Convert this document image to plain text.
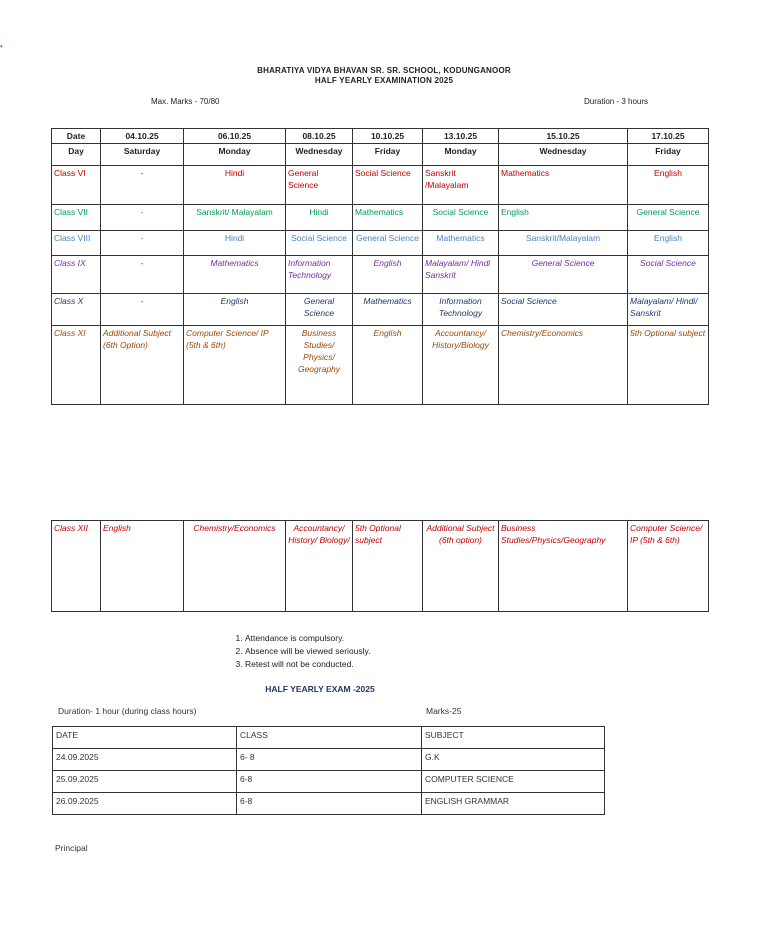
•
BHARATIYA VIDYA BHAVAN SR. SR. SCHOOL, KODUNGANOOR
HALF YEARLY EXAMINATION 2025
Max. Marks - 70/80	Duration - 3 hours
Date	04.10.25	06.10.25	08.10.25	10.10.25	13.10.25	15.10.25	17.10.25
Day	Saturday	Monday	Wednesday	Friday	Monday	Wednesday	Friday
Class VI	-	Hindi	General Science	Social Science	Sanskrit /Malayalam	Mathematics	English
Class VII	-	Sanskrit/ Malayalam	Hindi	Mathematics	Social Science	English	General Science
Class VIII	-	Hindi	Social Science	General Science	Mathematics	Sanskrit/Malayalam	English
Class IX	-	Mathematics	Information Technology	English	Malayalam/ Hindi Sanskrit	General Science	Social Science
Class X	-	English	General Science	Mathematics	Information Technology	Social Science	Malayalam/ Hindi/ Sanskrit
Class XI	Additional Subject (6th Option)	Computer Science/ IP (5th & 6th)	Business Studies/ Physics/ Geography	English	Accountancy/ History/Biology	Chemistry/Economics	5th Optional subject
Class XII	English	Chemistry/Economics	Accountancy/ History/ Biology/	5th Optional subject	Additional Subject (6th option)	Business Studies/Physics/Geography	Computer Science/ IP (5th & 6th)
1. Attendance is compulsory.
2. Absence will be viewed seriously.
3. Retest will not be conducted.
HALF YEARLY EXAM -2025
Duration- 1 hour (during class hours)	Marks-25
DATE	CLASS	SUBJECT
24.09.2025	6- 8	G.K
25.09.2025	6-8	COMPUTER SCIENCE
26.09.2025	6-8	ENGLISH GRAMMAR
Principal
